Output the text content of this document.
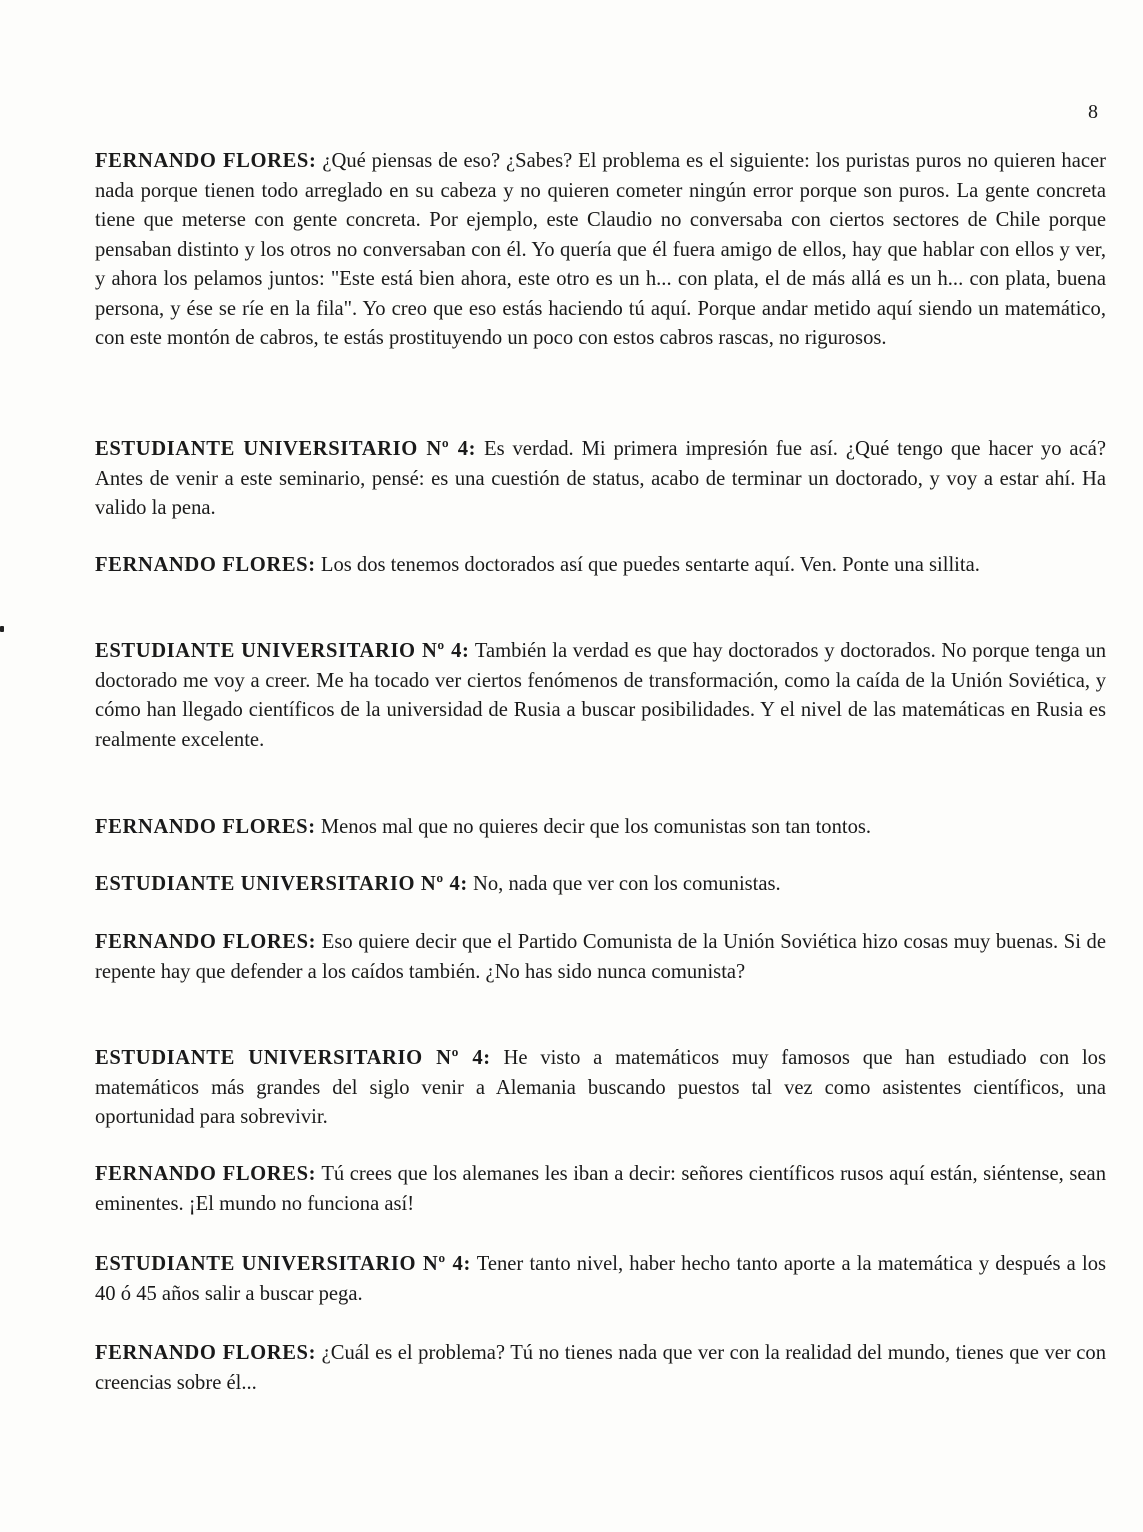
8

FERNANDO FLORES: ¿Qué piensas de eso? ¿Sabes? El problema es el siguiente: los puristas puros no quieren hacer nada porque tienen todo arreglado en su cabeza y no quieren cometer ningún error porque son puros. La gente concreta tiene que meterse con gente concreta. Por ejemplo, este Claudio no conversaba con ciertos sectores de Chile porque pensaban distinto y los otros no conversaban con él. Yo quería que él fuera amigo de ellos, hay que hablar con ellos y ver, y ahora los pelamos juntos: "Este está bien ahora, este otro es un h... con plata, el de más allá es un h... con plata, buena persona, y ése se ríe en la fila". Yo creo que eso estás haciendo tú aquí. Porque andar metido aquí siendo un matemático, con este montón de cabros, te estás prostituyendo un poco con estos cabros rascas, no rigurosos.

ESTUDIANTE UNIVERSITARIO Nº 4: Es verdad. Mi primera impresión fue así. ¿Qué tengo que hacer yo acá? Antes de venir a este seminario, pensé: es una cuestión de status, acabo de terminar un doctorado, y voy a estar ahí. Ha valido la pena.

FERNANDO FLORES: Los dos tenemos doctorados así que puedes sentarte aquí. Ven. Ponte una sillita.

ESTUDIANTE UNIVERSITARIO Nº 4: También la verdad es que hay doctorados y doctorados. No porque tenga un doctorado me voy a creer. Me ha tocado ver ciertos fenómenos de transformación, como la caída de la Unión Soviética, y cómo han llegado científicos de la universidad de Rusia a buscar posibilidades. Y el nivel de las matemáticas en Rusia es realmente excelente.

FERNANDO FLORES: Menos mal que no quieres decir que los comunistas son tan tontos.

ESTUDIANTE UNIVERSITARIO Nº 4: No, nada que ver con los comunistas.

FERNANDO FLORES: Eso quiere decir que el Partido Comunista de la Unión Soviética hizo cosas muy buenas. Si de repente hay que defender a los caídos también. ¿No has sido nunca comunista?

ESTUDIANTE UNIVERSITARIO Nº 4: He visto a matemáticos muy famosos que han estudiado con los matemáticos más grandes del siglo venir a Alemania buscando puestos tal vez como asistentes científicos, una oportunidad para sobrevivir.

FERNANDO FLORES: Tú crees que los alemanes les iban a decir: señores científicos rusos aquí están, siéntense, sean eminentes. ¡El mundo no funciona así!

ESTUDIANTE UNIVERSITARIO Nº 4: Tener tanto nivel, haber hecho tanto aporte a la matemática y después a los 40 ó 45 años salir a buscar pega.

FERNANDO FLORES: ¿Cuál es el problema? Tú no tienes nada que ver con la realidad del mundo, tienes que ver con creencias sobre él...
